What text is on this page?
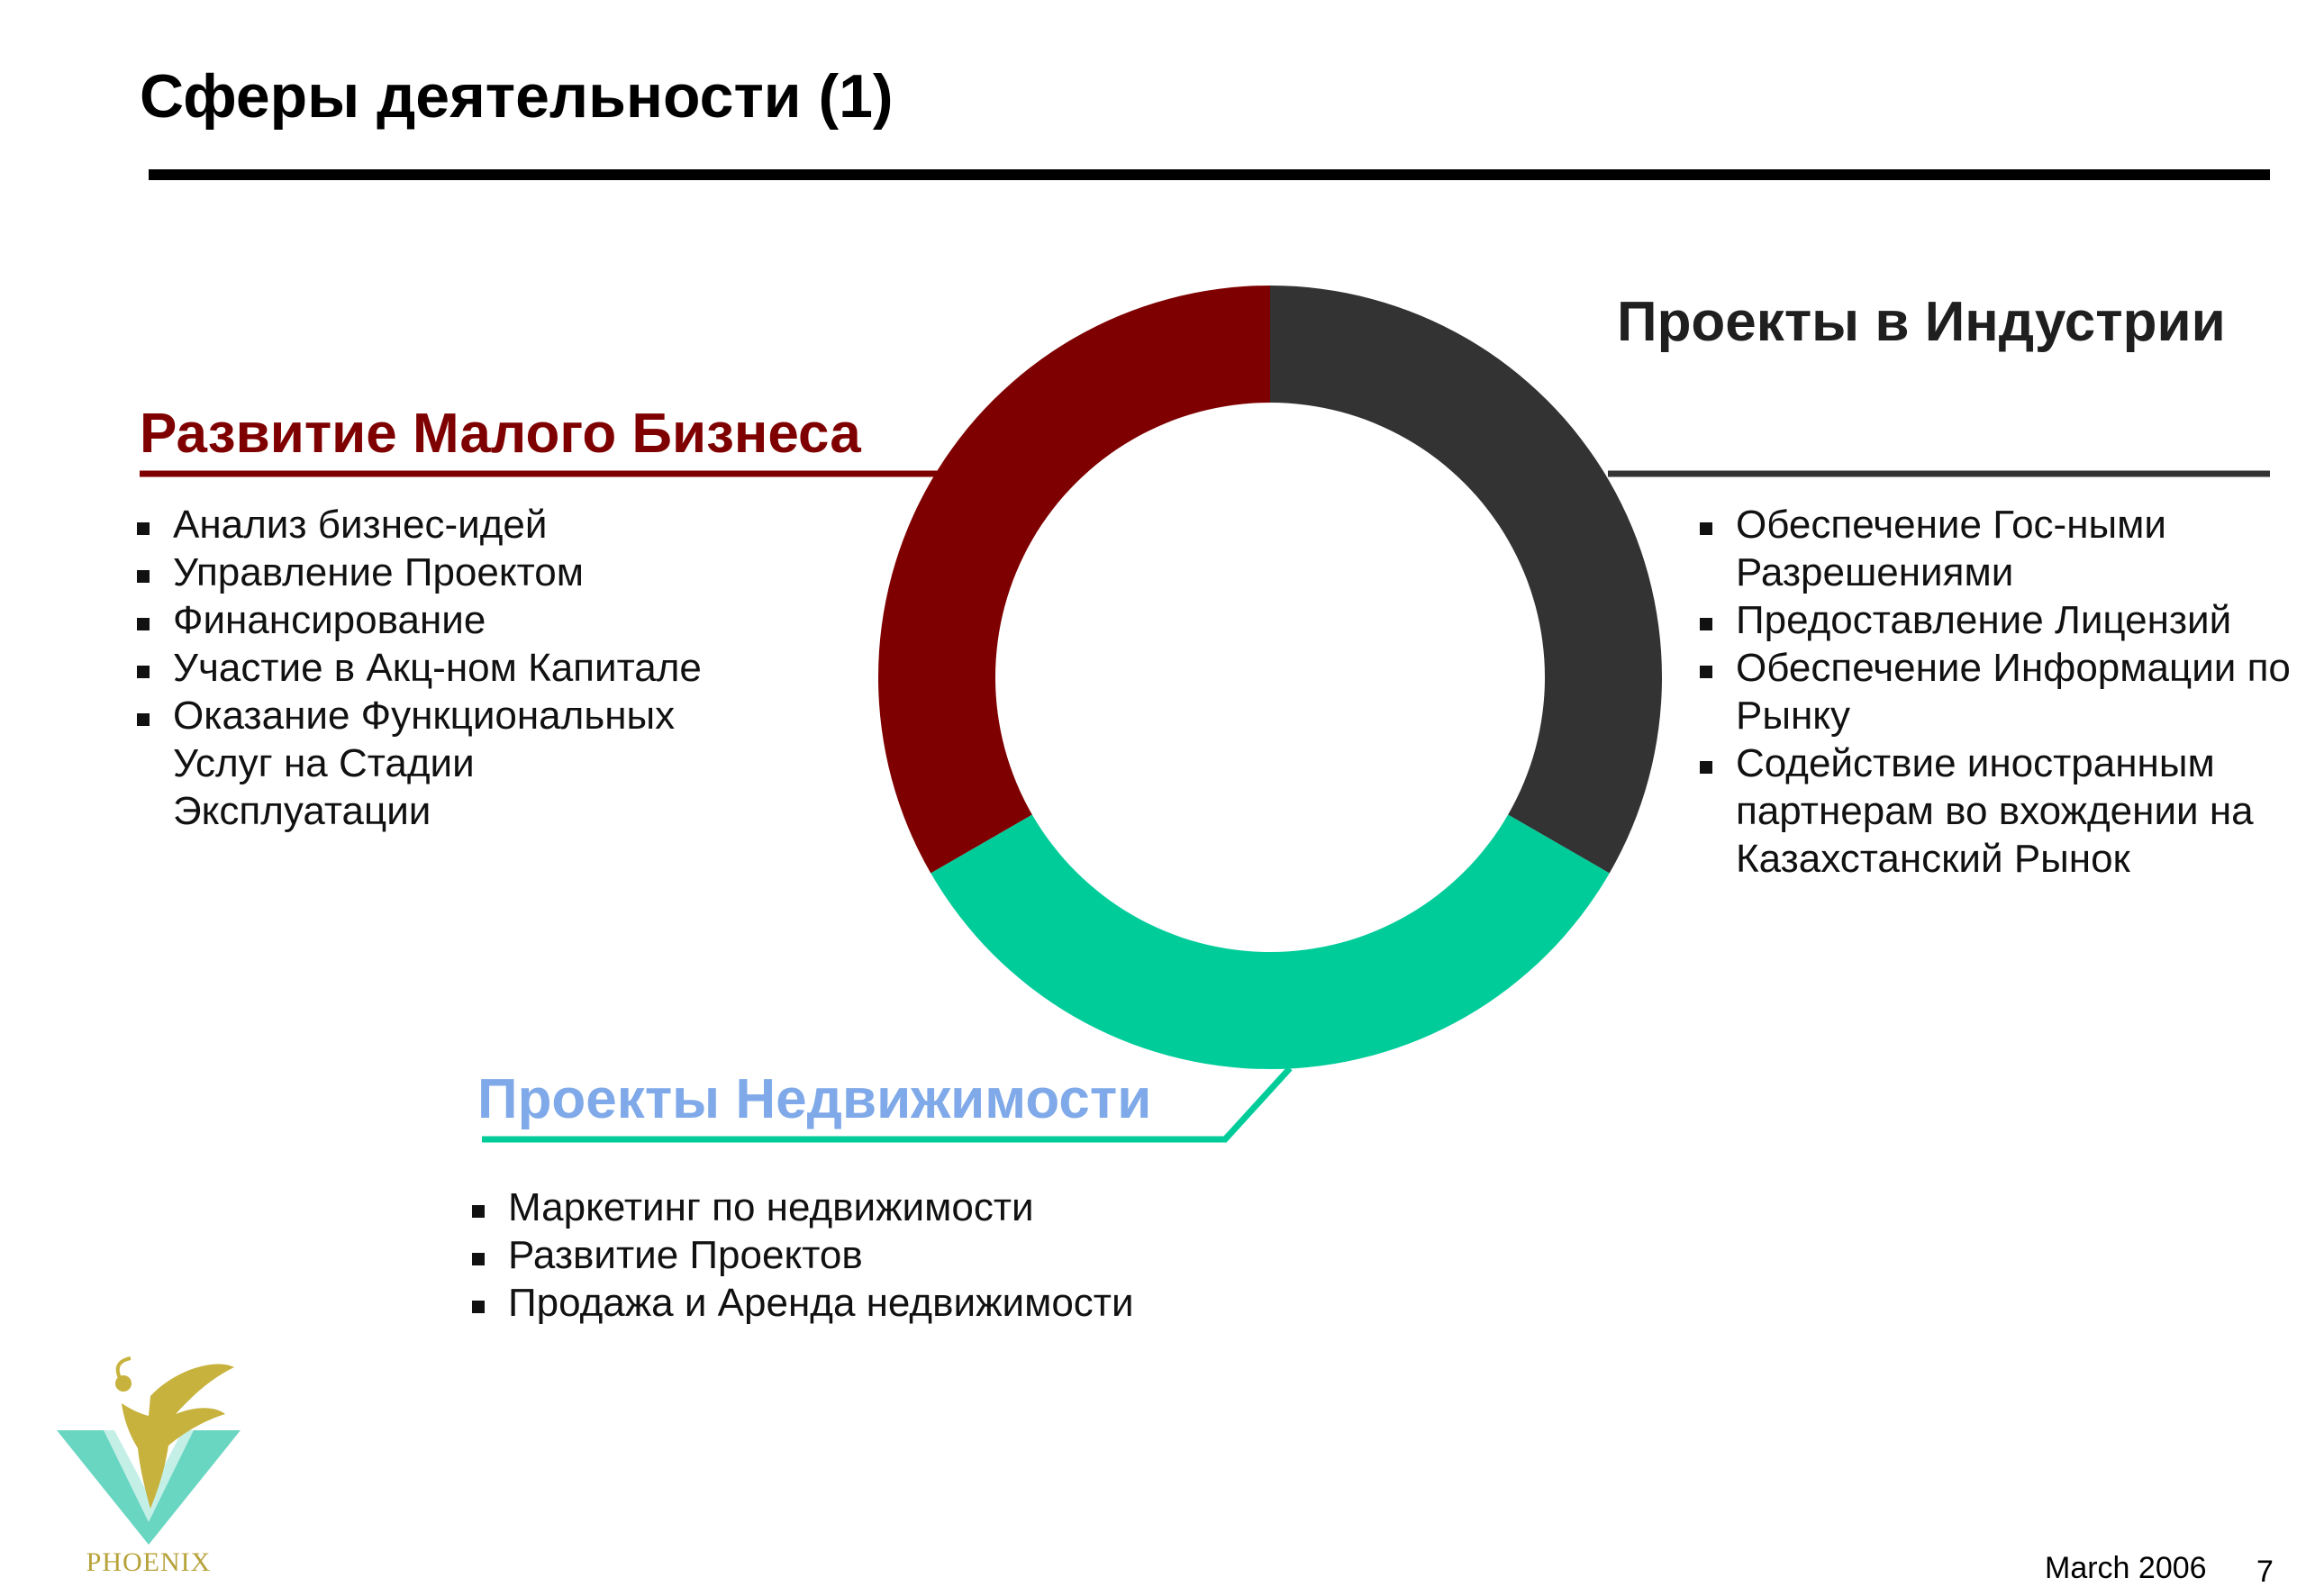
Сферы деятельности (1)
Развитие Малого Бизнеса
Анализ бизнес-идей
Управление Проектом
Финансирование
Участие в Акц-ном Капитале
Оказание Функциональных Услуг на Стадии Эксплуатации
Проекты в Индустрии
Обеспечение Гос-ными Разрешениями
Предоставление Лицензий
Обеспечение Информации по Рынку
Содействие иностранным партнерам во вхождении на Казахстанский Рынок
Проекты Недвижимости
Маркетинг по недвижимости
Развитие Проектов
Продажа и Аренда недвижимости
PHOENIX	March 2006 7
